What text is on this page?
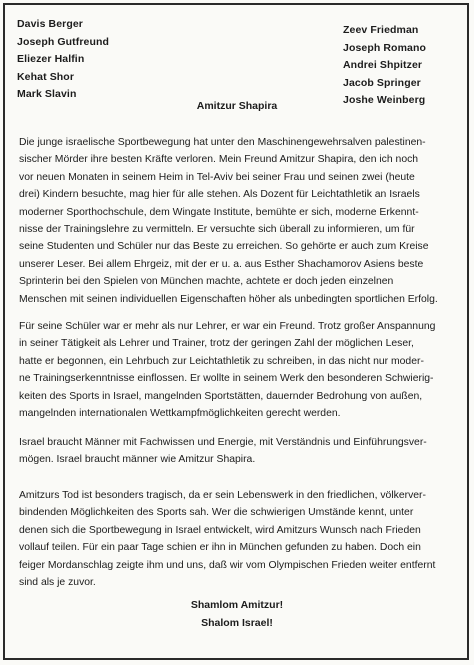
Davis Berger
Joseph Gutfreund
Eliezer Halfin
Kehat Shor
Mark Slavin
Zeev Friedman
Joseph Romano
Andrei Shpitzer
Jacob Springer
Joshe Weinberg
Amitzur Shapira
Die junge israelische Sportbewegung hat unter den Maschinengewehrsalven palestinen-
sischer Mörder ihre besten Kräfte verloren. Mein Freund Amitzur Shapira, den ich noch
vor neuen Monaten in seinem Heim in Tel-Aviv bei seiner Frau und seinen zwei (heute
drei) Kindern besuchte, mag hier für alle stehen. Als Dozent für Leichtathletik an Israels
moderner Sporthochschule, dem Wingate Institute, bemühte er sich, moderne Erkennt-
nisse der Trainingslehre zu vermitteln. Er versuchte sich überall zu informieren, um für
seine Studenten und Schüler nur das Beste zu erreichen. So gehörte er auch zum Kreise
unserer Leser. Bei allem Ehrgeiz, mit der er u. a. aus Esther Shachamorov Asiens beste
Sprinterin bei den Spielen von München machte, achtete er doch jeden einzelnen
Menschen mit seinen individuellen Eigenschaften höher als unbedingten sportlichen Erfolg.
Für seine Schüler war er mehr als nur Lehrer, er war ein Freund. Trotz großer Anspannung
in seiner Tätigkeit als Lehrer und Trainer, trotz der geringen Zahl der möglichen Leser,
hatte er begonnen, ein Lehrbuch zur Leichtathletik zu schreiben, in das nicht nur moder-
ne Trainingserkenntnisse einflossen. Er wollte in seinem Werk den besonderen Schwierig-
keiten des Sports in Israel, mangelnden Sportstätten, dauernder Bedrohung von außen,
mangelnden internationalen Wettkampfmöglichkeiten gerecht werden.
Israel braucht Männer mit Fachwissen und Energie, mit Verständnis und Einführungsver-
mögen. Israel braucht männer wie Amitzur Shapira.
Amitzurs Tod ist besonders tragisch, da er sein Lebenswerk in den friedlichen, völkerver-
bindenden Möglichkeiten des Sports sah. Wer die schwierigen Umstände kennt, unter
denen sich die Sportbewegung in Israel entwickelt, wird Amitzurs Wunsch nach Frieden
vollauf teilen. Für ein paar Tage schien er ihn in München gefunden zu haben. Doch ein
feiger Mordanschlag zeigte ihm und uns, daß wir vom Olympischen Frieden weiter entfernt
sind als je zuvor.
Shamlom Amitzur!
Shalom Israel!
